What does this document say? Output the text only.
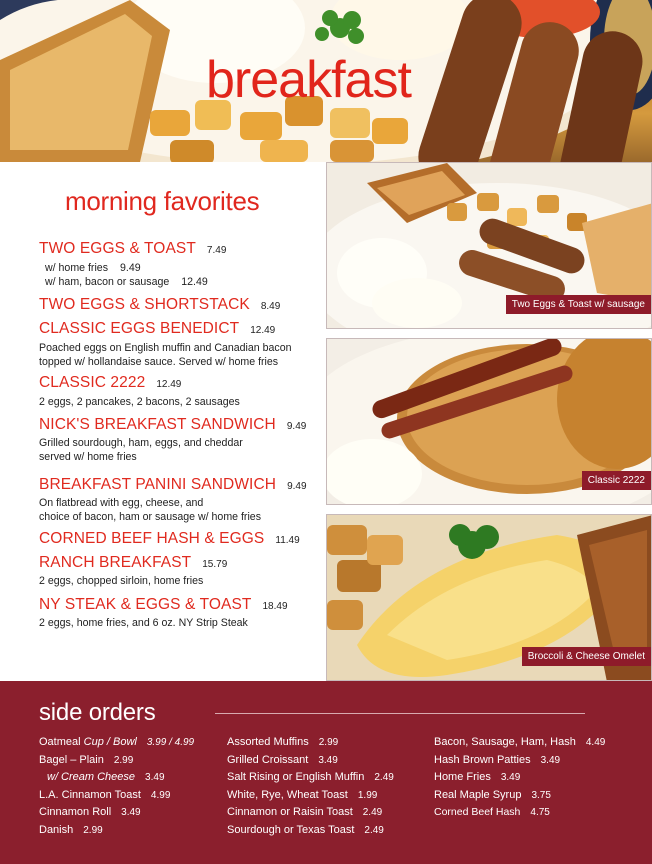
breakfast
morning favorites
TWO EGGS & TOAST 7.49
w/ home fries 9.49
w/ ham, bacon or sausage 12.49
TWO EGGS & SHORTSTACK 8.49
CLASSIC EGGS BENEDICT 12.49
Poached eggs on English muffin and Canadian bacon
topped w/ hollandaise sauce. Served w/ home fries
CLASSIC 2222 12.49
2 eggs, 2 pancakes, 2 bacons, 2 sausages
NICK'S BREAKFAST SANDWICH 9.49
Grilled sourdough, ham, eggs, and cheddar
served w/ home fries
BREAKFAST PANINI SANDWICH 9.49
On flatbread with egg, cheese, and
choice of bacon, ham or sausage w/ home fries
CORNED BEEF HASH & EGGS 11.49
RANCH BREAKFAST 15.79
2 eggs, chopped sirloin, home fries
NY STEAK & EGGS & TOAST 18.49
2 eggs, home fries, and 6 oz. NY Strip Steak
Two Eggs & Toast w/ sausage
Classic 2222
Broccoli & Cheese Omelet
side orders
Oatmeal Cup / Bowl 3.99 / 4.99
Bagel – Plain 2.99
w/ Cream Cheese 3.49
L.A. Cinnamon Toast 4.99
Cinnamon Roll 3.49
Danish 2.99
Assorted Muffins 2.99
Grilled Croissant 3.49
Salt Rising or English Muffin 2.49
White, Rye, Wheat Toast 1.99
Cinnamon or Raisin Toast 2.49
Sourdough or Texas Toast 2.49
Bacon, Sausage, Ham, Hash 4.49
Hash Brown Patties 3.49
Home Fries 3.49
Real Maple Syrup 3.75
Corned Beef Hash 4.75
